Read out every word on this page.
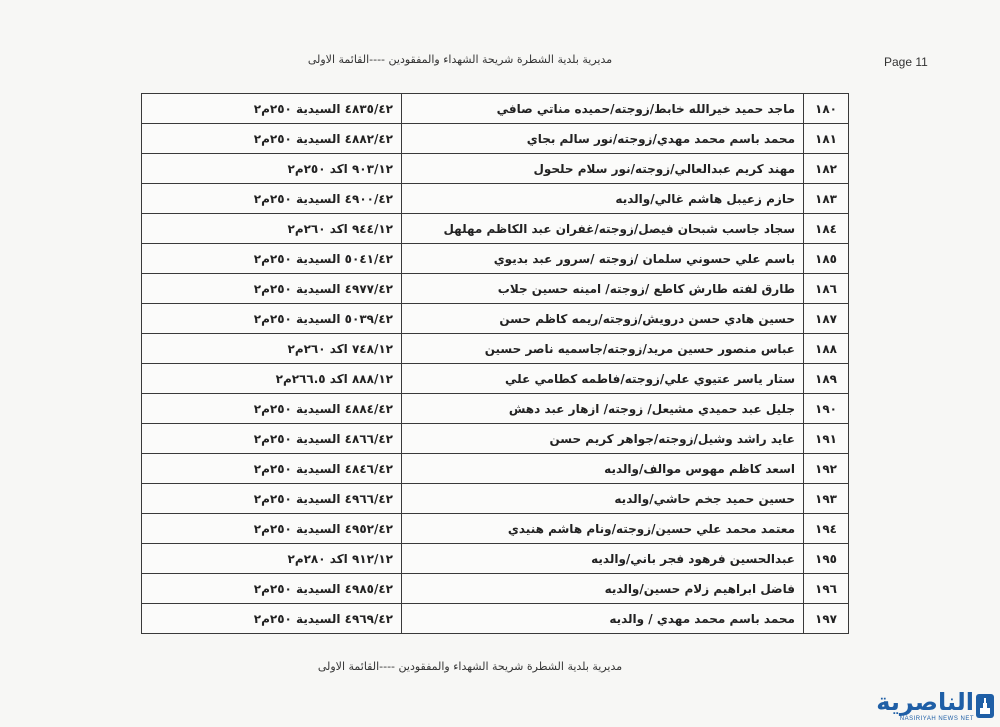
مديرية بلدية الشطرة شريحة الشهداء والمفقودين ----القائمة الاولى	Page 11
١٨٠	ماجد حميد خيرالله خابط/زوجته/حميده مناتي صافي	٤٨٣٥/٤٢ السيدية ٢٥٠م٢
١٨١	محمد باسم محمد مهدي/زوجته/نور سالم بجاي	٤٨٨٢/٤٢ السيدية ٢٥٠م٢
١٨٢	مهند كريم عبدالعالي/زوجته/نور سلام حلحول	٩٠٣/١٢ اكد ٢٥٠م٢
١٨٣	حازم زعيبل هاشم غالي/والديه	٤٩٠٠/٤٢ السيدية ٢٥٠م٢
١٨٤	سجاد جاسب شبحان فيصل/زوجته/غفران عبد الكاظم مهلهل	٩٤٤/١٢ اكد ٢٦٠م٢
١٨٥	باسم علي حسوني سلمان /زوجته /سرور عبد بديوي	٥٠٤١/٤٢ السيدية ٢٥٠م٢
١٨٦	طارق لفته طارش كاطع /زوجته/ امينه حسين جلاب	٤٩٧٧/٤٢ السيدية ٢٥٠م٢
١٨٧	حسين هادي حسن درويش/زوجته/ريمه كاظم حسن	٥٠٣٩/٤٢ السيدية ٢٥٠م٢
١٨٨	عباس منصور حسين مريد/زوجته/جاسميه ناصر حسين	٧٤٨/١٢ اكد ٢٦٠م٢
١٨٩	ستار ياسر عتيوي علي/زوجته/فاطمه كطامي علي	٨٨٨/١٢ اكد ٢٦٦.٥م٢
١٩٠	جليل عبد حميدي مشيعل/ زوجته/ ازهار عبد دهش	٤٨٨٤/٤٢ السيدية ٢٥٠م٢
١٩١	عايد راشد وشيل/زوجته/جواهر كريم حسن	٤٨٦٦/٤٢ السيدية ٢٥٠م٢
١٩٢	اسعد كاظم مهوس موالف/والديه	٤٨٤٦/٤٢ السيدية ٢٥٠م٢
١٩٣	حسين حميد جخم حاشي/والديه	٤٩٦٦/٤٢ السيدية ٢٥٠م٢
١٩٤	معتمد محمد علي حسين/زوجته/ونام هاشم هنيدي	٤٩٥٢/٤٢ السيدية ٢٥٠م٢
١٩٥	عبدالحسين فرهود فجر باني/والديه	٩١٢/١٢ اكد ٢٨٠م٢
١٩٦	فاضل ابراهيم زلام حسين/والديه	٤٩٨٥/٤٢ السيدية ٢٥٠م٢
١٩٧	محمد باسم محمد مهدي / والديه	٤٩٦٩/٤٢ السيدية ٢٥٠م٢
مديرية بلدية الشطرة شريحة الشهداء والمفقودين ----القائمة الاولى
الناصرية
NASIRIYAH NEWS NET
